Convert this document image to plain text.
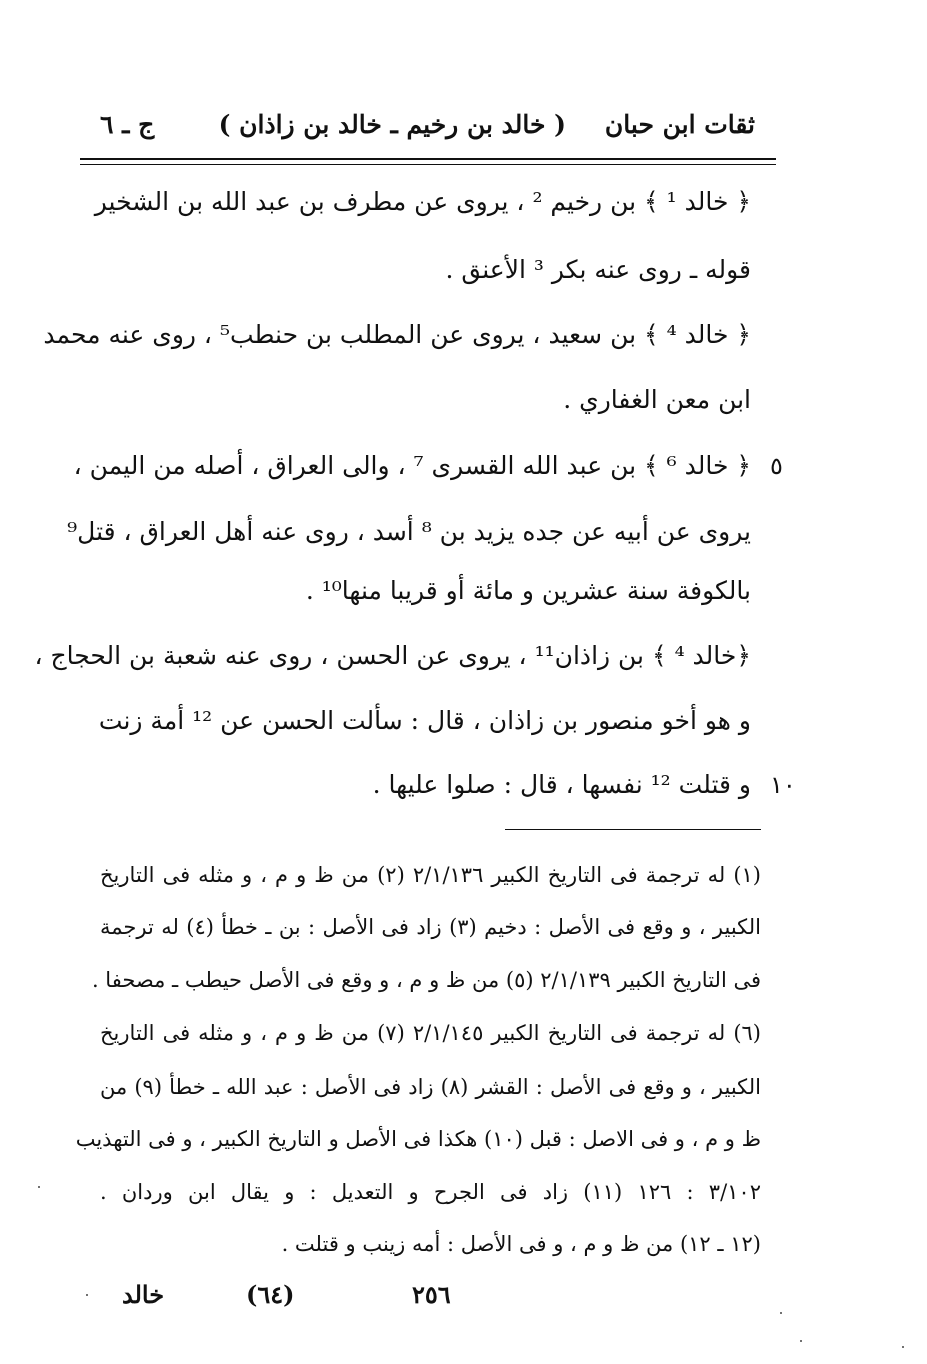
ثقات ابن حبان
( خالد بن رخيم ـ خالد بن زاذان )
ج ـ ٦
﴿ خالد ¹ ﴾ بن رخيم ² ، يروى عن مطرف بن عبد الله بن الشخير
قوله ـ روى عنه بكر ³ الأعنق .
﴿ خالد ⁴ ﴾ بن سعيد ، يروى عن المطلب بن حنطب⁵ ، روى عنه محمد
ابن معن الغفاري .
﴿ خالد ⁶ ﴾ بن عبد الله القسرى ⁷ ، والى العراق ، أصله من اليمن ، ٥
يروى عن أبيه عن جده يزيد بن ⁸ أسد ، روى عنه أهل العراق ، قتل⁹
بالكوفة سنة عشرين و مائة أو قريبا منها¹⁰ .
﴿خالد ⁴ ﴾ بن زاذان¹¹ ، يروى عن الحسن ، روى عنه شعبة بن الحجاج ،
و هو أخو منصور بن زاذان ، قال : سألت الحسن عن ¹² أمة زنت
و قتلت ¹² نفسها ، قال : صلوا عليها . ١٠
(١) له ترجمة فى التاريخ الكبير ٢/١/١٣٦ (٢) من ظ و م ، و مثله فى التاريخ
الكبير ، و وقع فى الأصل : دخيم (٣) زاد فى الأصل : بن ـ خطأ (٤) له ترجمة
فى التاريخ الكبير ٢/١/١٣٩ (٥) من ظ و م ، و وقع فى الأصل حيطب ـ مصحفا .
(٦) له ترجمة فى التاريخ الكبير ٢/١/١٤٥ (٧) من ظ و م ، و مثله فى التاريخ
الكبير ، و وقع فى الأصل : القشر (٨) زاد فى الأصل : عبد الله ـ خطأ (٩) من
ظ و م ، و فى الاصل : قبل (١٠) هكذا فى الأصل و التاريخ الكبير ، و فى التهذيب
٣/١٠٢ : ١٢٦ (١١) زاد فى الجرح و التعديل : و يقال ابن وردان .
(١٢ ـ ١٢) من ظ و م ، و فى الأصل : أمه زينب و قتلت .
خالد	(٦٤)	٢٥٦
